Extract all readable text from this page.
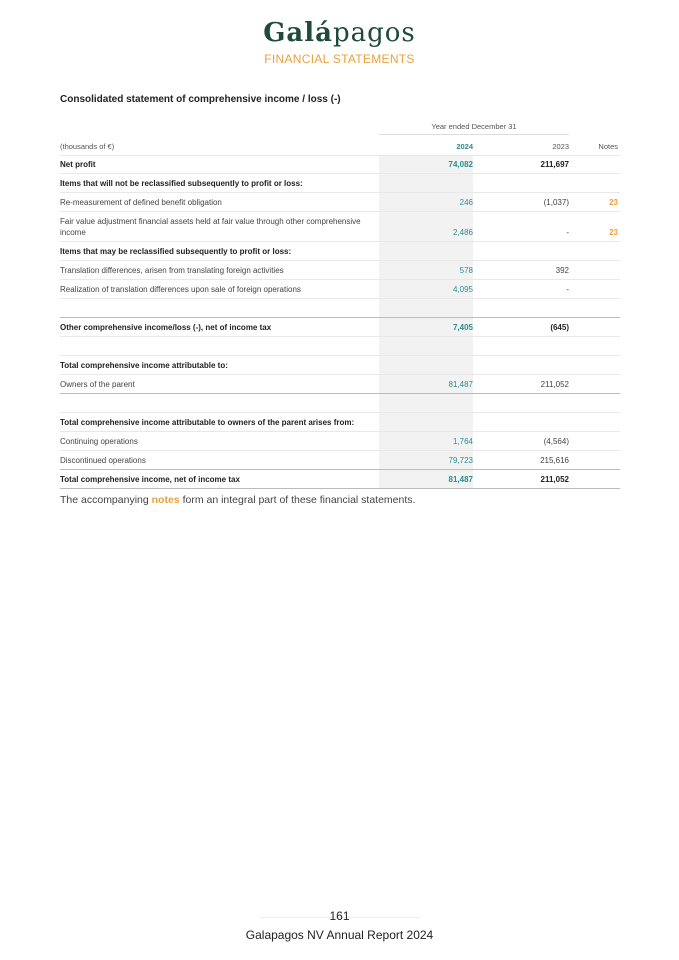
Galápagos
FINANCIAL STATEMENTS
Consolidated statement of comprehensive income / loss (-)
Year ended December 31
(thousands of €)	2024	2023	Notes
Net profit	74,082	211,697
Items that will not be reclassified subsequently to profit or loss:
Re-measurement of defined benefit obligation	246	(1,037)	23
Fair value adjustment financial assets held at fair value through other comprehensive income	2,486	-	23
Items that may be reclassified subsequently to profit or loss:
Translation differences, arisen from translating foreign activities	578	392
Realization of translation differences upon sale of foreign operations	4,095	-
Other comprehensive income/loss (-), net of income tax	7,405	(645)
Total comprehensive income attributable to:
Owners of the parent	81,487	211,052
Total comprehensive income attributable to owners of the parent arises from:
Continuing operations	1,764	(4,564)
Discontinued operations	79,723	215,616
Total comprehensive income, net of income tax	81,487	211,052
The accompanying notes form an integral part of these financial statements.
161
Galapagos NV Annual Report 2024
